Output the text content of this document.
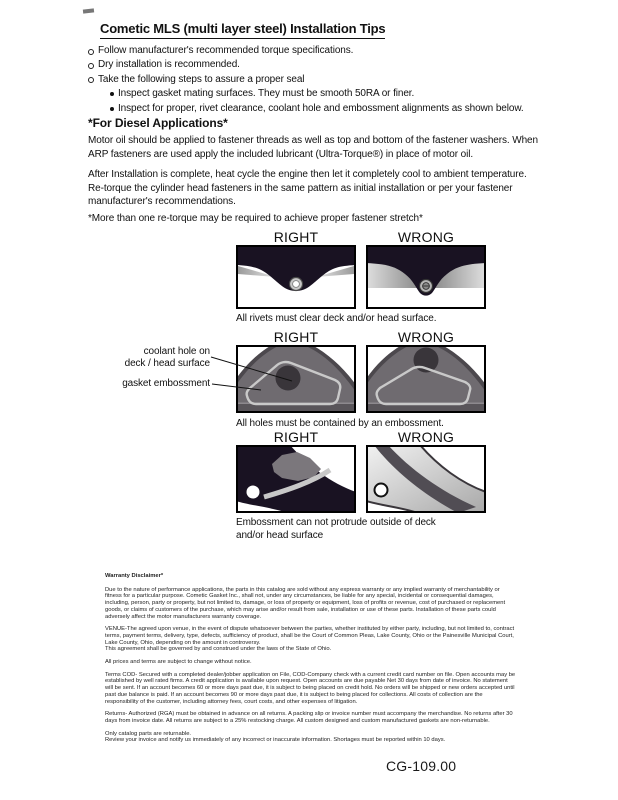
Cometic MLS (multi layer steel) Installation Tips
Follow manufacturer's recommended torque specifications.
Dry installation is recommended.
Take the following steps to assure a proper seal
Inspect gasket mating surfaces. They must be smooth 50RA or finer.
Inspect for proper, rivet clearance, coolant hole and embossment alignments as shown below.
*For Diesel Applications*
Motor oil should be applied to fastener threads as well as top and bottom of the fastener washers. When ARP fasteners are used apply the included lubricant (Ultra-Torque®) in place of motor oil.
After Installation is complete, heat cycle the engine then let it completely cool to ambient temperature. Re-torque the cylinder head fasteners in the same pattern as initial installation or per your fastener manufacturer's recommendations.
*More than one re-torque may be required to achieve proper fastener stretch*
RIGHT	WRONG
All rivets must clear deck and/or head surface.
coolant hole on
deck / head surface
gasket embossment
RIGHT	WRONG
All holes must be contained by an embossment.
RIGHT	WRONG
Embossment can not protrude outside of deck
and/or head surface

Warranty Disclaimer*

Due to the nature of performance applications, the parts in this catalog are sold without any express warranty or any implied warranty of merchantability or fitness for a particular purpose. Cometic Gasket Inc., shall not, under any circumstances, be liable for any special, incidental or consequential damages, including, person, party or property, but not limited to, damage, or loss of property or equipment, loss of profits or revenue, cost of purchased or replacement goods, or claims of customers of the purchase, which may arise and/or result from sale, installation or use of these parts. Installation of these parts could adversely affect the motor manufacturers warranty coverage.

VENUE-The agreed upon venue, in the event of dispute whatsoever between the parties, whether instituted by either party, including, but not limited to, contract terms, payment terms, delivery, type, defects, sufficiency of product, shall be the Court of Common Pleas, Lake County, Ohio or the Painesville Municipal Court, Lake County, Ohio, depending on the amount in controversy.

This agreement shall be governed by and construed under the laws of the State of Ohio.

All prices and terms are subject to change without notice.

Terms COD- Secured with a completed dealer/jobber application on File, COD-Company check with a current credit card number on file. Open accounts may be established by well rated firms. A credit application is available upon request. Open accounts are due payable Net 30 days from date of invoice. No statement will be sent. If an account becomes 60 or more days past due, it is subject to being placed on credit hold. No orders will be shipped or new orders accepted until past due balance is paid. If an account becomes 90 or more days past due, it is subject to being placed for collections. All costs of collection are the responsibility of the customer, including attorney fees, court costs, and other expenses of litigation.

Returns- Authorized (RGA) must be obtained in advance on all returns. A packing slip or invoice number must accompany the merchandise. No returns after 30 days from invoice date. All returns are subject to a 25% restocking charge. All custom designed and custom manufactured gaskets are non-returnable.

Only catalog parts are returnable.

Review your invoice and notify us immediately of any incorrect or inaccurate information. Shortages must be reported within 10 days.

CG-109.00
